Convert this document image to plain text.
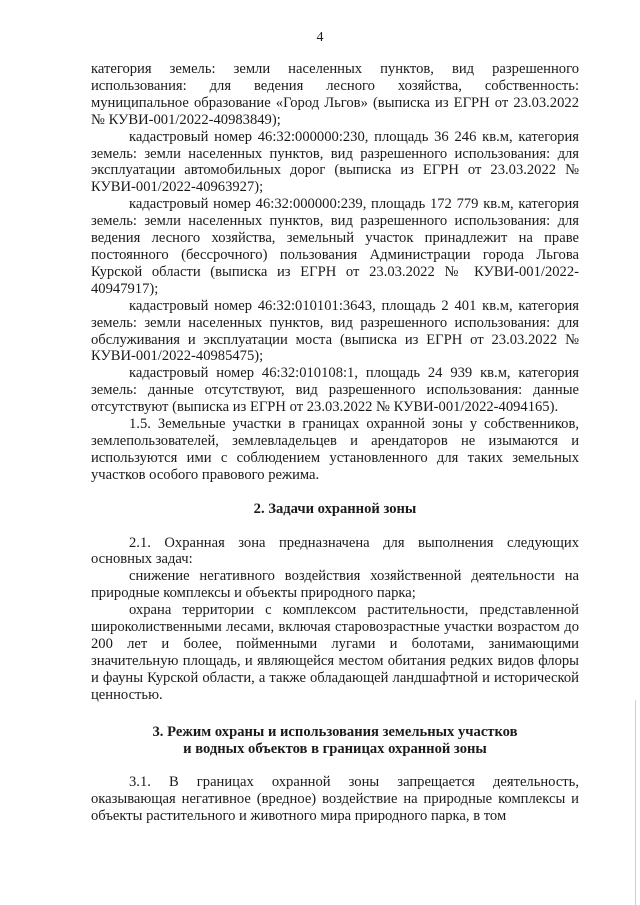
4

категория земель: земли населенных пунктов, вид разрешенного использования: для ведения лесного хозяйства, собственность: муниципальное образование «Город Льгов» (выписка из ЕГРН от 23.03.2022 № КУВИ-001/2022-40983849);

кадастровый номер 46:32:000000:230, площадь 36 246 кв.м, категория земель: земли населенных пунктов, вид разрешенного использования: для эксплуатации автомобильных дорог (выписка из ЕГРН от 23.03.2022 № КУВИ-001/2022-40963927);

кадастровый номер 46:32:000000:239, площадь 172 779 кв.м, категория земель: земли населенных пунктов, вид разрешенного использования: для ведения лесного хозяйства, земельный участок принадлежит на праве постоянного (бессрочного) пользования Администрации города Льгова Курской области (выписка из ЕГРН от 23.03.2022 № КУВИ-001/2022-40947917);

кадастровый номер 46:32:010101:3643, площадь 2 401 кв.м, категория земель: земли населенных пунктов, вид разрешенного использования: для обслуживания и эксплуатации моста (выписка из ЕГРН от 23.03.2022 № КУВИ-001/2022-40985475);

кадастровый номер 46:32:010108:1, площадь 24 939 кв.м, категория земель: данные отсутствуют, вид разрешенного использования: данные отсутствуют (выписка из ЕГРН от 23.03.2022 № КУВИ-001/2022-4094165).

1.5. Земельные участки в границах охранной зоны у собственников, землепользователей, землевладельцев и арендаторов не изымаются и используются ими с соблюдением установленного для таких земельных участков особого правового режима.

2. Задачи охранной зоны

2.1. Охранная зона предназначена для выполнения следующих основных задач:

снижение негативного воздействия хозяйственной деятельности на природные комплексы и объекты природного парка;

охрана территории с комплексом растительности, представленной широколиственными лесами, включая старовозрастные участки возрастом до 200 лет и более, пойменными лугами и болотами, занимающими значительную площадь, и являющейся местом обитания редких видов флоры и фауны Курской области, а также обладающей ландшафтной и исторической ценностью.

3. Режим охраны и использования земельных участков

и водных объектов в границах охранной зоны

3.1. В границах охранной зоны запрещается деятельность, оказывающая негативное (вредное) воздействие на природные комплексы и объекты растительного и животного мира природного парка, в том
